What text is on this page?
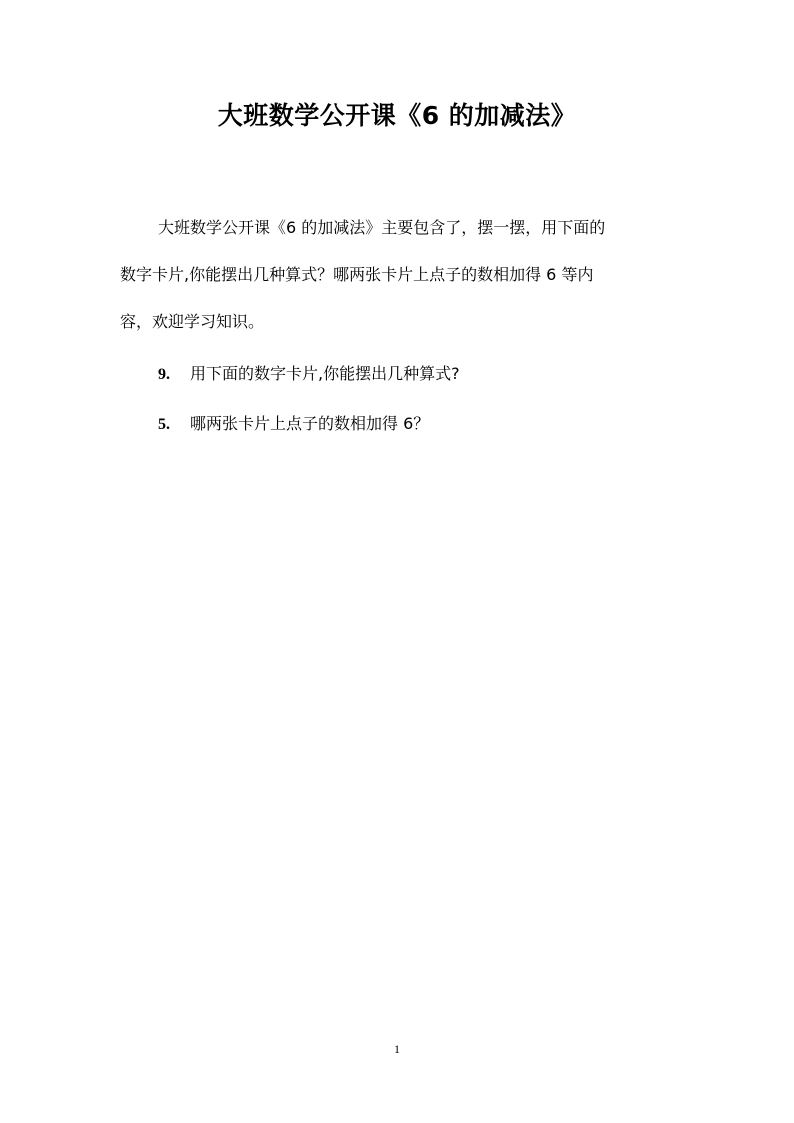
大班数学公开课《6 的加减法》
大班数学公开课《6 的加减法》主要包含了，摆一摆，用下面的
数字卡片,你能摆出几种算式？哪两张卡片上点子的数相加得 6 等内
容，欢迎学习知识。
9. 用下面的数字卡片,你能摆出几种算式?
5. 哪两张卡片上点子的数相加得 6？
1
